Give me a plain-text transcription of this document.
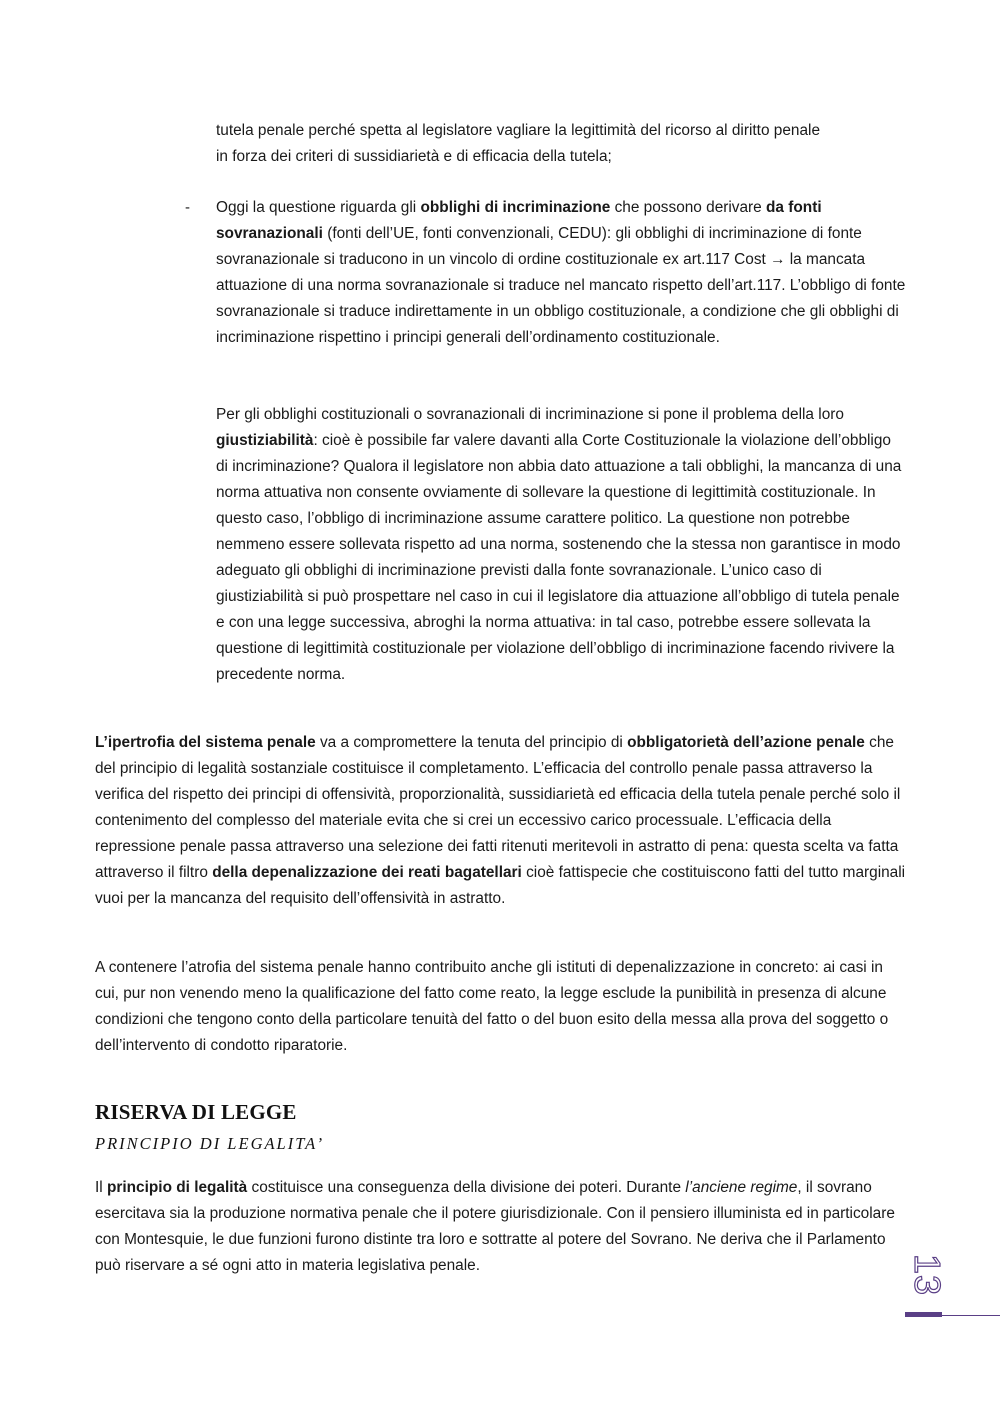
tutela penale perché spetta al legislatore vagliare la legittimità del ricorso al diritto penale
in forza dei criteri di sussidiarietà e di efficacia della tutela;

- Oggi la questione riguarda gli obblighi di incriminazione che possono derivare da fonti sovranazionali (fonti dell’UE, fonti convenzionali, CEDU): gli obblighi di incriminazione di fonte sovranazionale si traducono in un vincolo di ordine costituzionale ex art.117 Cost → la mancata attuazione di una norma sovranazionale si traduce nel mancato rispetto dell’art.117. L’obbligo di fonte sovranazionale si traduce indirettamente in un obbligo costituzionale, a condizione che gli obblighi di incriminazione rispettino i principi generali dell’ordinamento costituzionale.

Per gli obblighi costituzionali o sovranazionali di incriminazione si pone il problema della loro giustiziabilità: cioè è possibile far valere davanti alla Corte Costituzionale la violazione dell’obbligo di incriminazione? Qualora il legislatore non abbia dato attuazione a tali obblighi, la mancanza di una norma attuativa non consente ovviamente di sollevare la questione di legittimità costituzionale. In questo caso, l’obbligo di incriminazione assume carattere politico. La questione non potrebbe nemmeno essere sollevata rispetto ad una norma, sostenendo che la stessa non garantisce in modo adeguato gli obblighi di incriminazione previsti dalla fonte sovranazionale. L’unico caso di giustiziabilità si può prospettare nel caso in cui il legislatore dia attuazione all’obbligo di tutela penale e con una legge successiva, abroghi la norma attuativa: in tal caso, potrebbe essere sollevata la questione di legittimità costituzionale per violazione dell’obbligo di incriminazione facendo rivivere la precedente norma.

L’ipertrofia del sistema penale va a compromettere la tenuta del principio di obbligatorietà dell’azione penale che del principio di legalità sostanziale costituisce il completamento. L’efficacia del controllo penale passa attraverso la verifica del rispetto dei principi di offensività, proporzionalità, sussidiarietà ed efficacia della tutela penale perché solo il contenimento del complesso del materiale evita che si crei un eccessivo carico processuale. L’efficacia della repressione penale passa attraverso una selezione dei fatti ritenuti meritevoli in astratto di pena: questa scelta va fatta attraverso il filtro della depenalizzazione dei reati bagatellari cioè fattispecie che costituiscono fatti del tutto marginali vuoi per la mancanza del requisito dell’offensività in astratto.

A contenere l’atrofia del sistema penale hanno contribuito anche gli istituti di depenalizzazione in concreto: ai casi in cui, pur non venendo meno la qualificazione del fatto come reato, la legge esclude la punibilità in presenza di alcune condizioni che tengono conto della particolare tenuità del fatto o del buon esito della messa alla prova del soggetto o dell’intervento di condotto riparatorie.

RISERVA DI LEGGE
PRINCIPIO DI LEGALITA’

Il principio di legalità costituisce una conseguenza della divisione dei poteri. Durante l’anciene regime, il sovrano esercitava sia la produzione normativa penale che il potere giurisdizionale. Con il pensiero illuminista ed in particolare con Montesquie, le due funzioni furono distinte tra loro e sottratte al potere del Sovrano. Ne deriva che il Parlamento può riservare a sé ogni atto in materia legislativa penale.	13
